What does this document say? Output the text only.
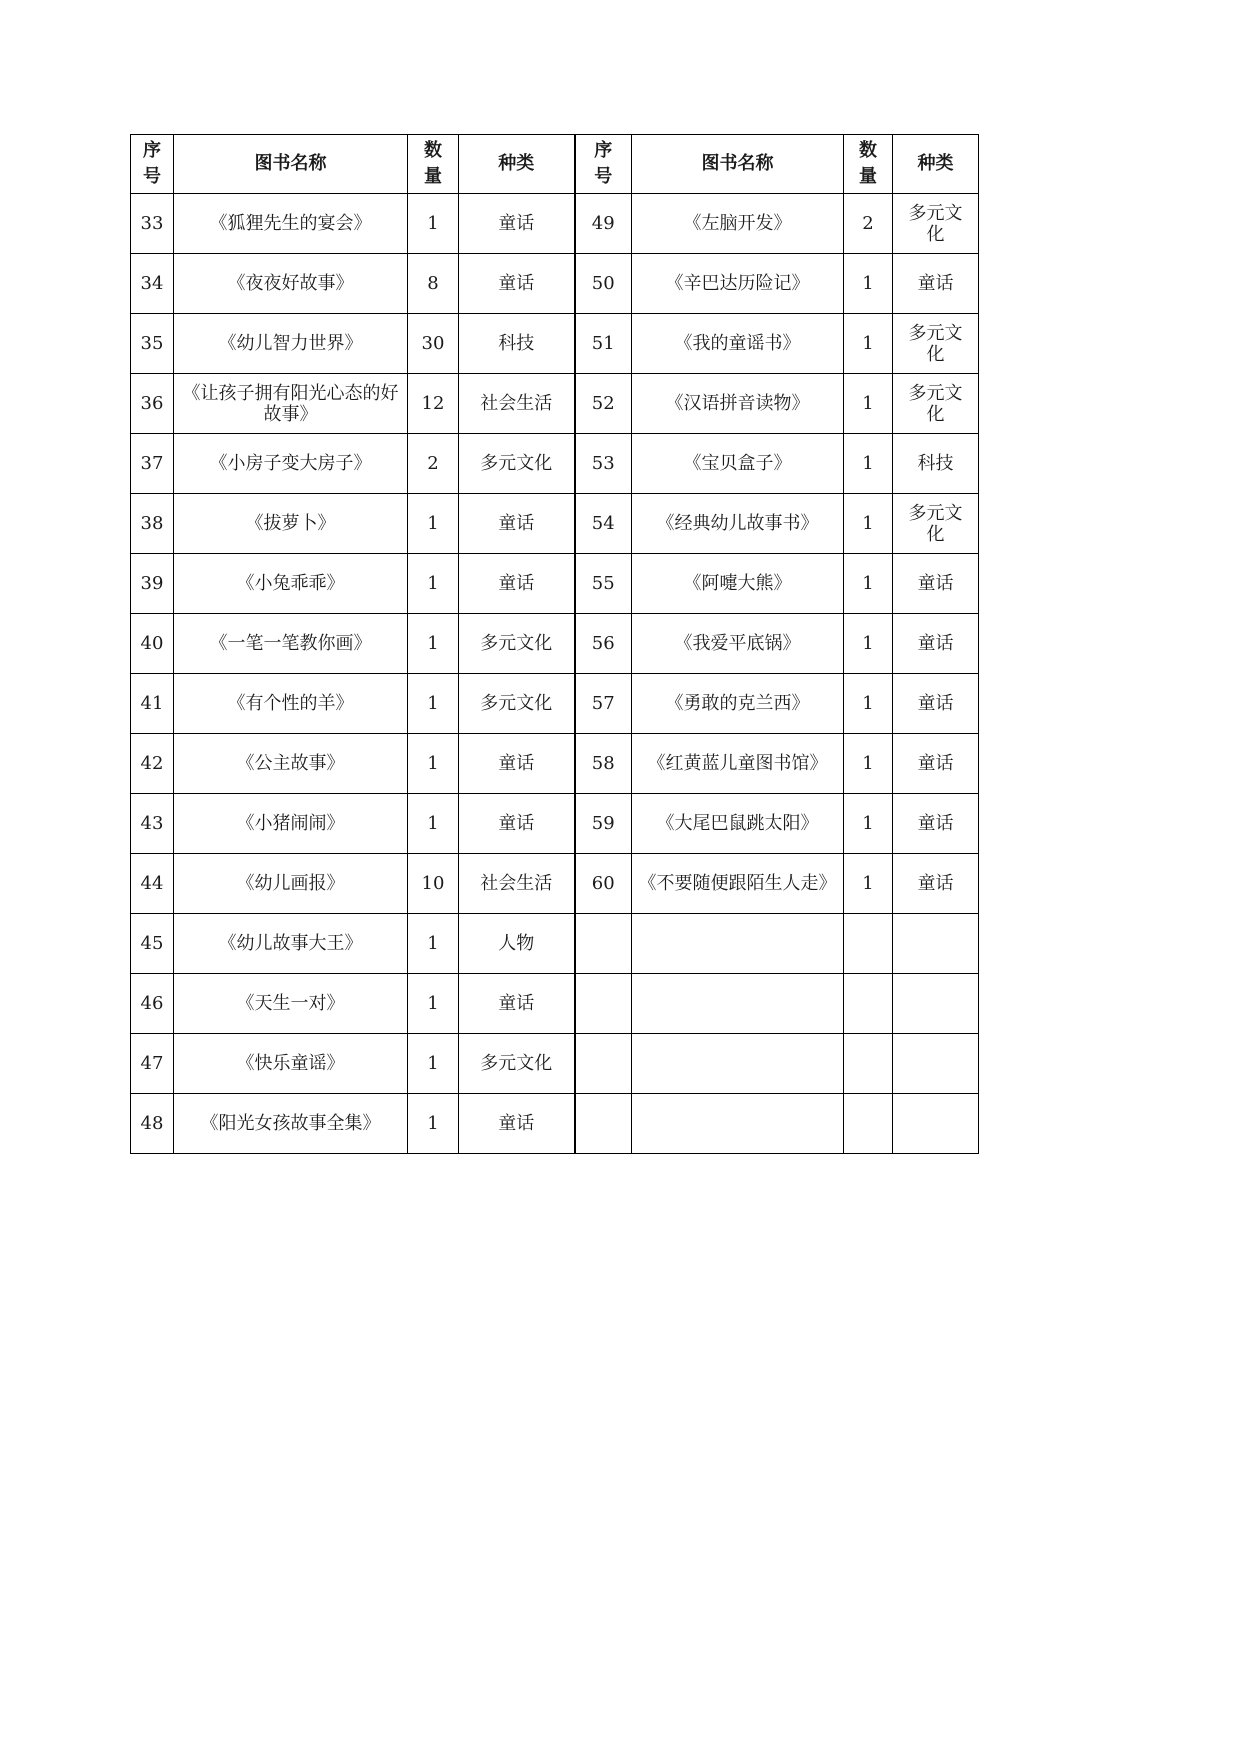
序号	图书名称	数量	种类	序号	图书名称	数量	种类
33	《狐狸先生的宴会》	1	童话	49	《左脑开发》	2	多元文化
34	《夜夜好故事》	8	童话	50	《辛巴达历险记》	1	童话
35	《幼儿智力世界》	30	科技	51	《我的童谣书》	1	多元文化
36	《让孩子拥有阳光心态的好故事》	12	社会生活	52	《汉语拼音读物》	1	多元文化
37	《小房子变大房子》	2	多元文化	53	《宝贝盒子》	1	科技
38	《拔萝卜》	1	童话	54	《经典幼儿故事书》	1	多元文化
39	《小兔乖乖》	1	童话	55	《阿嚏大熊》	1	童话
40	《一笔一笔教你画》	1	多元文化	56	《我爱平底锅》	1	童话
41	《有个性的羊》	1	多元文化	57	《勇敢的克兰西》	1	童话
42	《公主故事》	1	童话	58	《红黄蓝儿童图书馆》	1	童话
43	《小猪闹闹》	1	童话	59	《大尾巴鼠跳太阳》	1	童话
44	《幼儿画报》	10	社会生活	60	《不要随便跟陌生人走》	1	童话
45	《幼儿故事大王》	1	人物				
46	《天生一对》	1	童话				
47	《快乐童谣》	1	多元文化				
48	《阳光女孩故事全集》	1	童话				
